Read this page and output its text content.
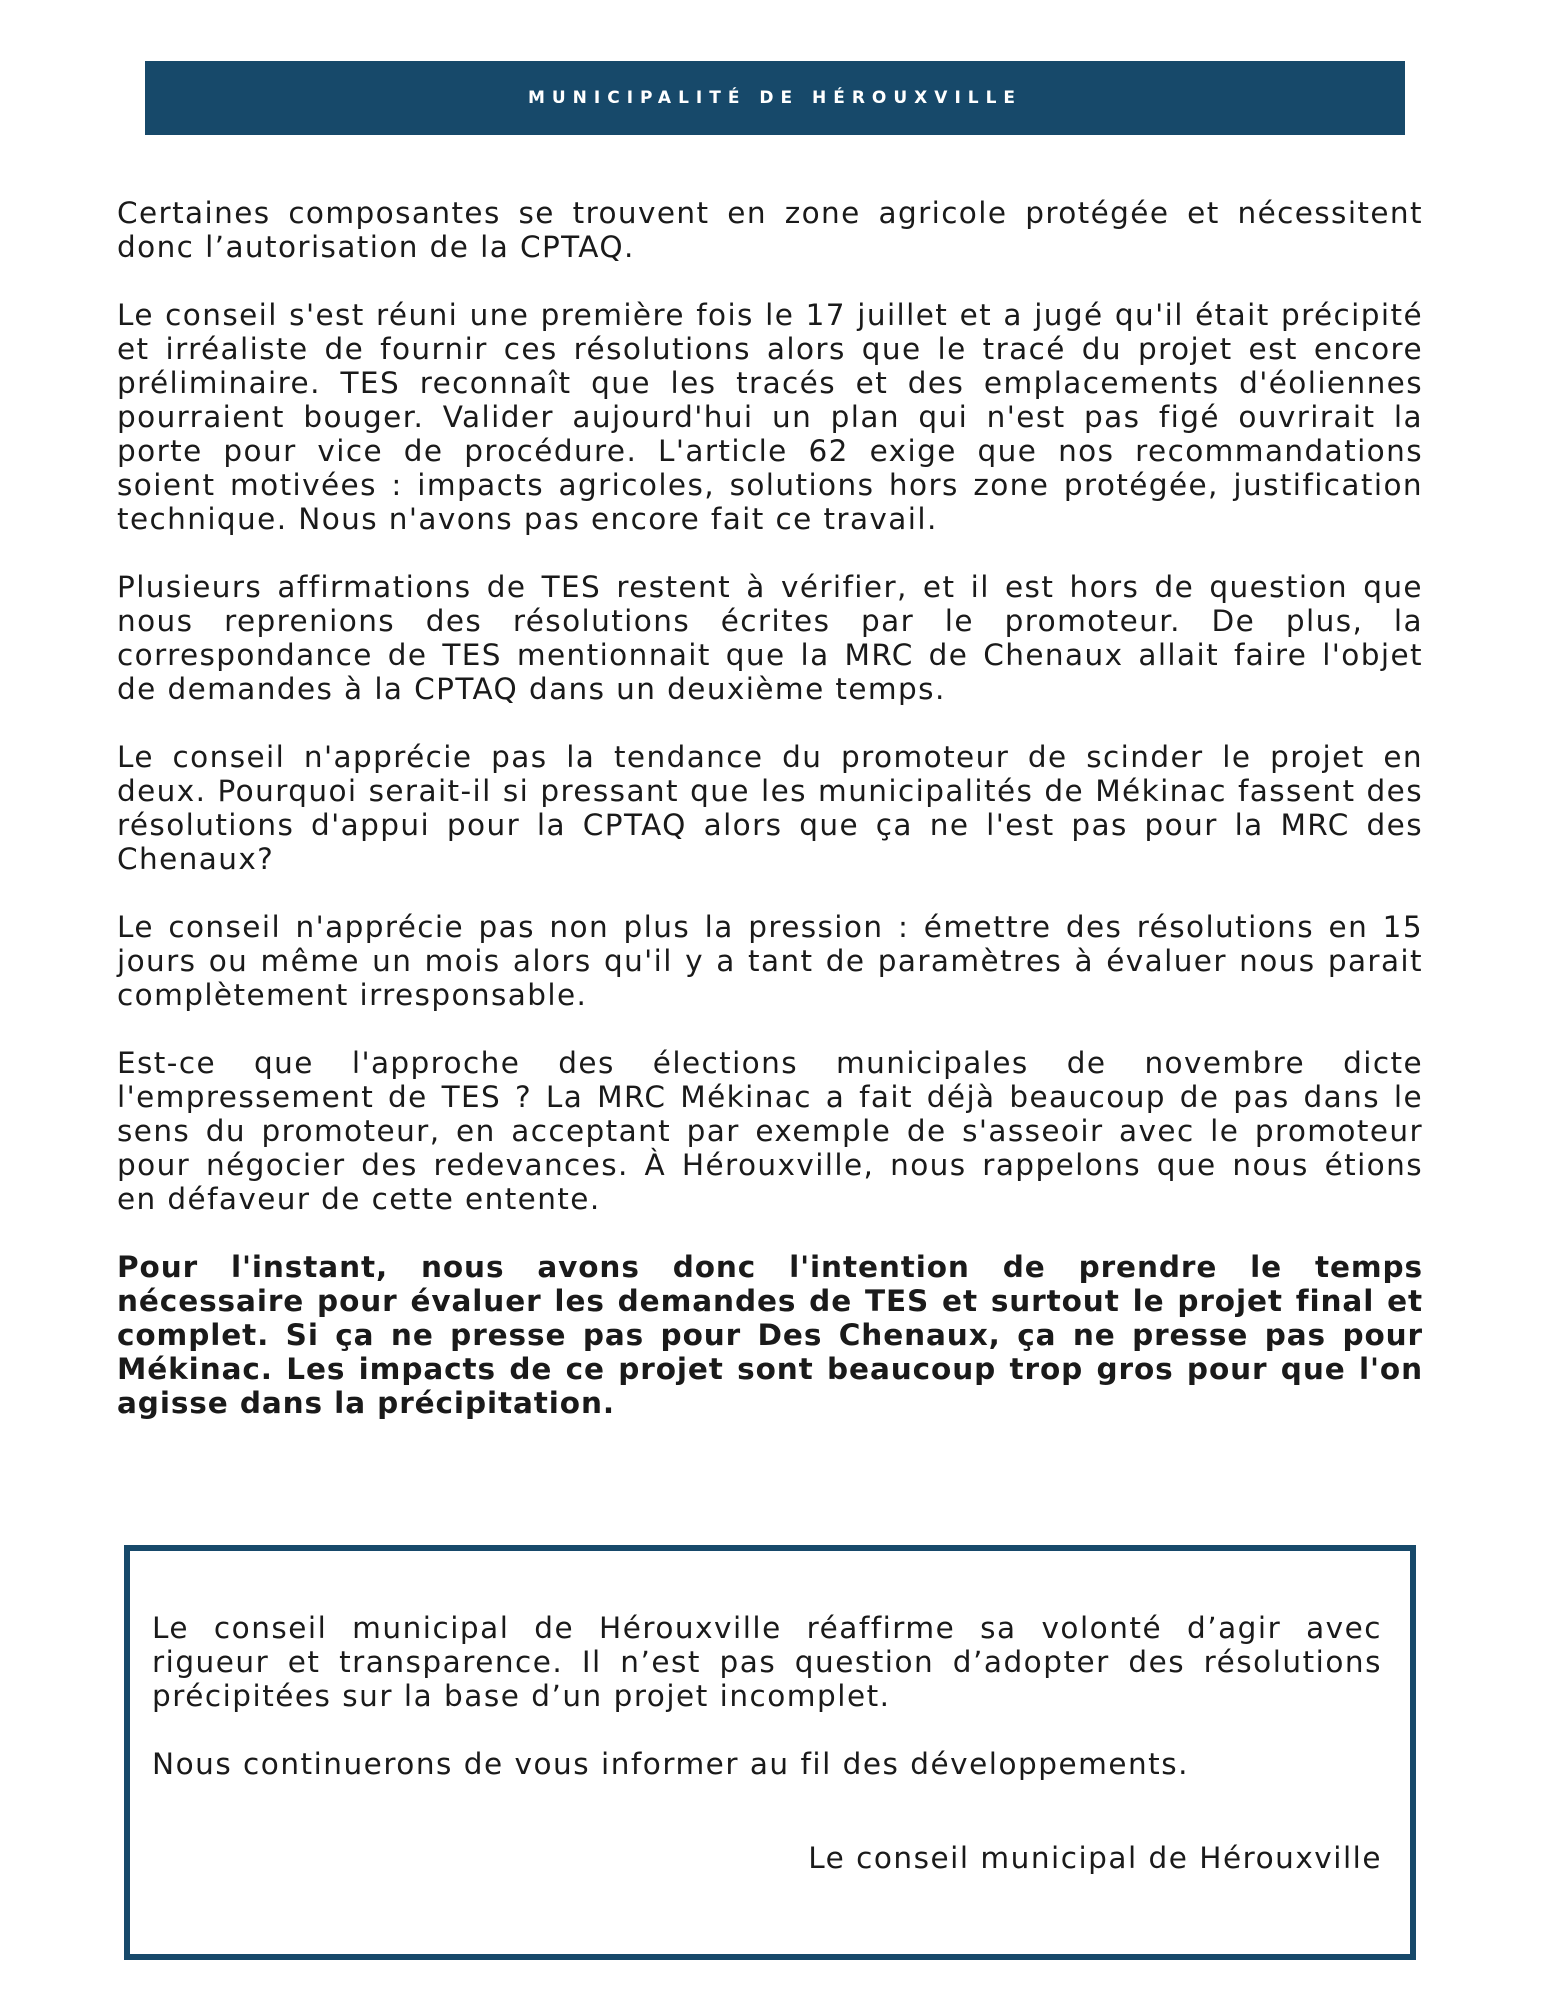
MUNICIPALITÉ DE HÉROUXVILLE

Certaines composantes se trouvent en zone agricole protégée et nécessitent donc l’autorisation de la CPTAQ.

Le conseil s'est réuni une première fois le 17 juillet et a jugé qu'il était précipité et irréaliste de fournir ces résolutions alors que le tracé du projet est encore préliminaire. TES reconnaît que les tracés et des emplacements d'éoliennes pourraient bouger. Valider aujourd'hui un plan qui n'est pas figé ouvrirait la porte pour vice de procédure. L'article 62 exige que nos recommandations soient motivées : impacts agricoles, solutions hors zone protégée, justification technique. Nous n'avons pas encore fait ce travail.

Plusieurs affirmations de TES restent à vérifier, et il est hors de question que nous reprenions des résolutions écrites par le promoteur. De plus, la correspondance de TES mentionnait que la MRC de Chenaux allait faire l'objet de demandes à la CPTAQ dans un deuxième temps.

Le conseil n'apprécie pas la tendance du promoteur de scinder le projet en deux. Pourquoi serait-il si pressant que les municipalités de Mékinac fassent des résolutions d'appui pour la CPTAQ alors que ça ne l'est pas pour la MRC des Chenaux?

Le conseil n'apprécie pas non plus la pression : émettre des résolutions en 15 jours ou même un mois alors qu'il y a tant de paramètres à évaluer nous parait complètement irresponsable.

Est-ce que l'approche des élections municipales de novembre dicte l'empressement de TES ? La MRC Mékinac a fait déjà beaucoup de pas dans le sens du promoteur, en acceptant par exemple de s'asseoir avec le promoteur pour négocier des redevances. À Hérouxville, nous rappelons que nous étions en défaveur de cette entente.

Pour l'instant, nous avons donc l'intention de prendre le temps nécessaire pour évaluer les demandes de TES et surtout le projet final et complet. Si ça ne presse pas pour Des Chenaux, ça ne presse pas pour Mékinac. Les impacts de ce projet sont beaucoup trop gros pour que l'on agisse dans la précipitation.

Le conseil municipal de Hérouxville réaffirme sa volonté d’agir avec rigueur et transparence. Il n’est pas question d’adopter des résolutions précipitées sur la base d’un projet incomplet.

Nous continuerons de vous informer au fil des développements.

Le conseil municipal de Hérouxville
